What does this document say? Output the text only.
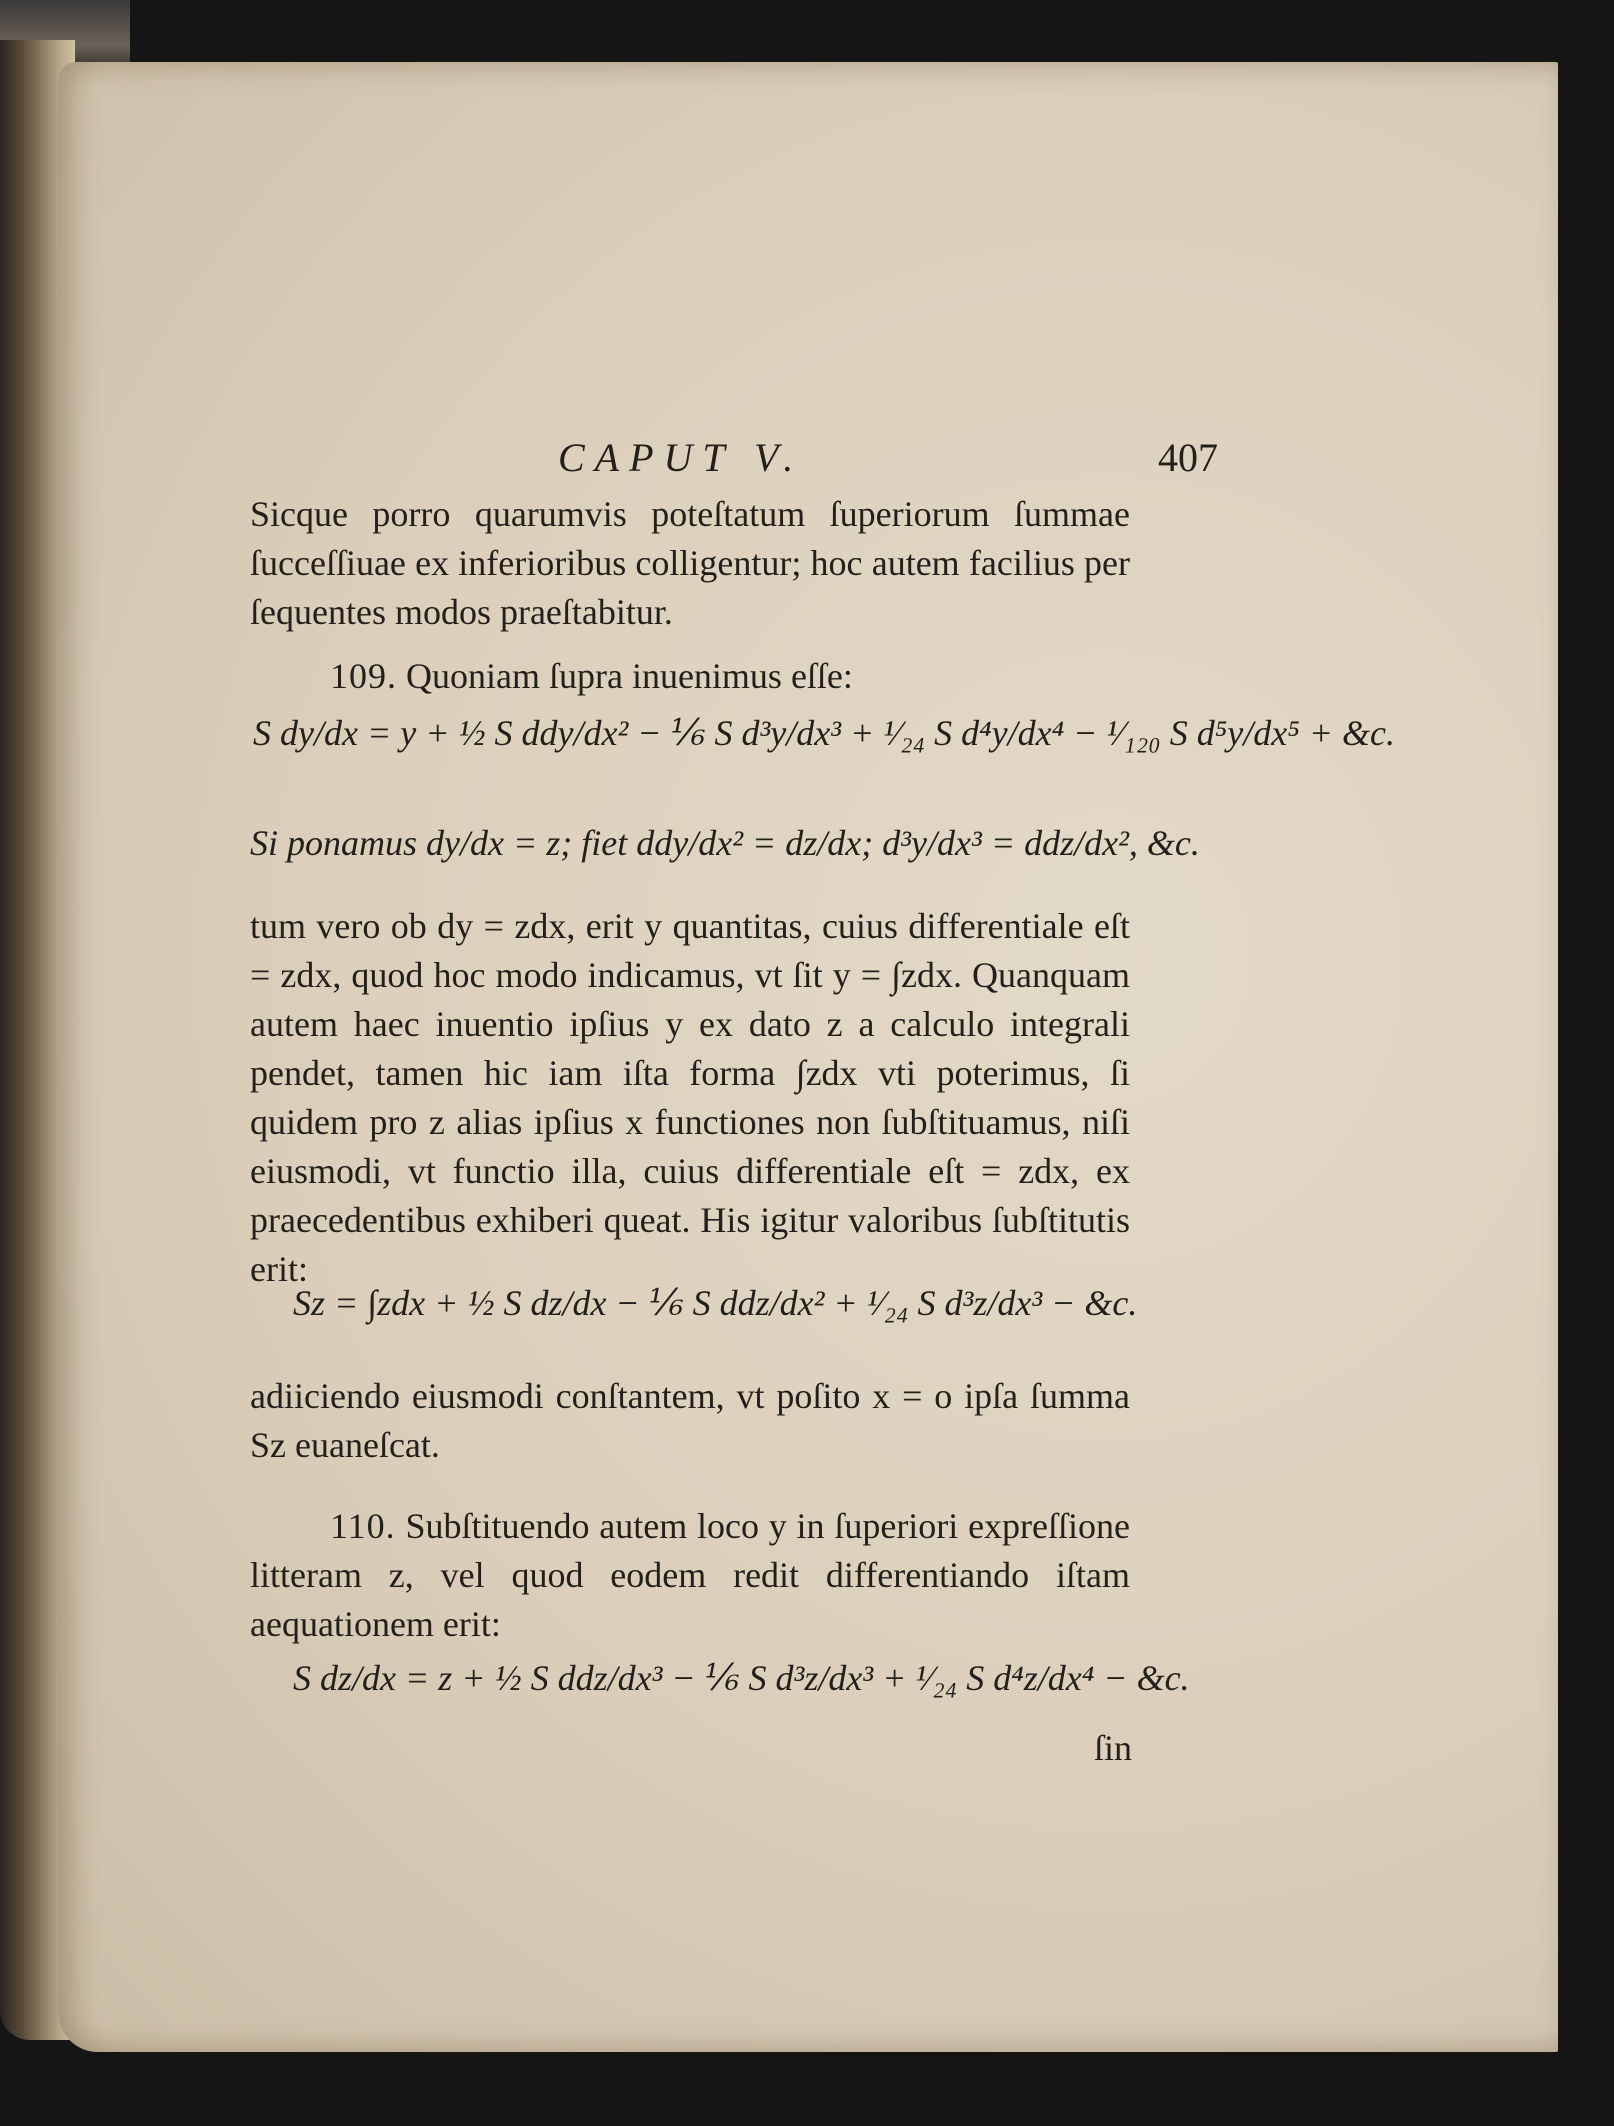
CAPUT V.	407
Sicque porro quarumvis poteſtatum ſuperiorum ſummae ſucceſſiuae ex inferioribus colligentur; hoc autem facilius per ſequentes modos praeſtabitur.
109. Quoniam ſupra inuenimus eſſe:
S dy/dx = y + ½ S ddy/dx² − ⅙ S d³y/dx³ + ¹⁄₂₄ S d⁴y/dx⁴ − ¹⁄₁₂₀ S d⁵y/dx⁵ + &c.
Si ponamus dy/dx = z; fiet ddy/dx² = dz/dx; d³y/dx³ = ddz/dx², &c.
tum vero ob dy = zdx, erit y quantitas, cuius differentiale eſt = zdx, quod hoc modo indicamus, vt ſit y = ∫zdx. Quanquam autem haec inuentio ipſius y ex dato z a calculo integrali pendet, tamen hic iam iſta forma ∫zdx vti poterimus, ſi quidem pro z alias ipſius x functiones non ſubſtituamus, niſi eiusmodi, vt functio illa, cuius differentiale eſt = zdx, ex praecedentibus exhiberi queat. His igitur valoribus ſubſtitutis erit:
Sz = ∫zdx + ½ S dz/dx − ⅙ S ddz/dx² + ¹⁄₂₄ S d³z/dx³ − &c.
adiiciendo eiusmodi conſtantem, vt poſito x = o ipſa ſumma Sz euaneſcat.
110. Subſtituendo autem loco y in ſuperiori expreſſione litteram z, vel quod eodem redit differentiando iſtam aequationem erit:
S dz/dx = z + ½ S ddz/dx³ − ⅙ S d³z/dx³ + ¹⁄₂₄ S d⁴z/dx⁴ − &c.
ſin
